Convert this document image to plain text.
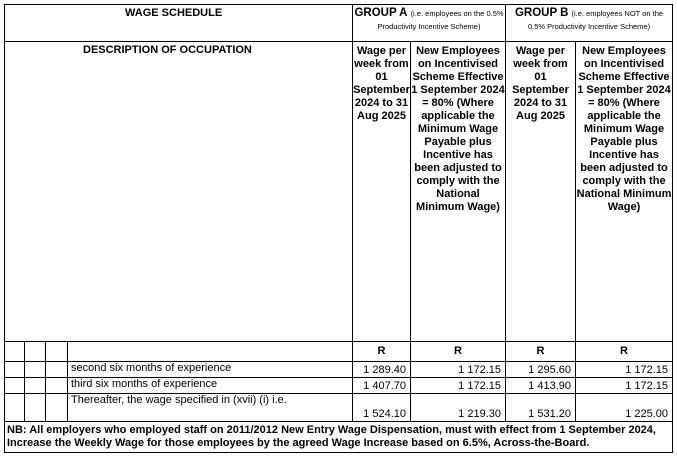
WAGE SCHEDULE				GROUP A (i.e. employees on the 0.5% Productivity Incentive Scheme)		GROUP B (i.e. employees NOT on the 0.5% Productivity Incentive Scheme)	
DESCRIPTION OF OCCUPATION				Wage per week from 01 September 2024 to 31 Aug 2025	New Employees on Incentivised Scheme Effective 1 September 2024 = 80% (Where applicable the Minimum Wage Payable plus Incentive has been adjusted to comply with the National Minimum Wage)	Wage per week from 01 September 2024 to 31 Aug 2025	New Employees on Incentivised Scheme Effective 1 September 2024 = 80% (Where applicable the Minimum Wage Payable plus Incentive has been adjusted to comply with the National Minimum Wage)
				R	R	R	R
			second six months of experience	1 289.40	1 172.15	1 295.60	1 172.15
			third six months of experience	1 407.70	1 172.15	1 413.90	1 172.15
			Thereafter, the wage specified in (xvii) (i) i.e.	1 524.10	1 219.30	1 531.20	1 225.00
NB: All employers who employed staff on 2011/2012 New Entry Wage Dispensation, must with effect from 1 September 2024, Increase the Weekly Wage for those employees by the agreed Wage Increase based on 6.5%, Across-the-Board.							
